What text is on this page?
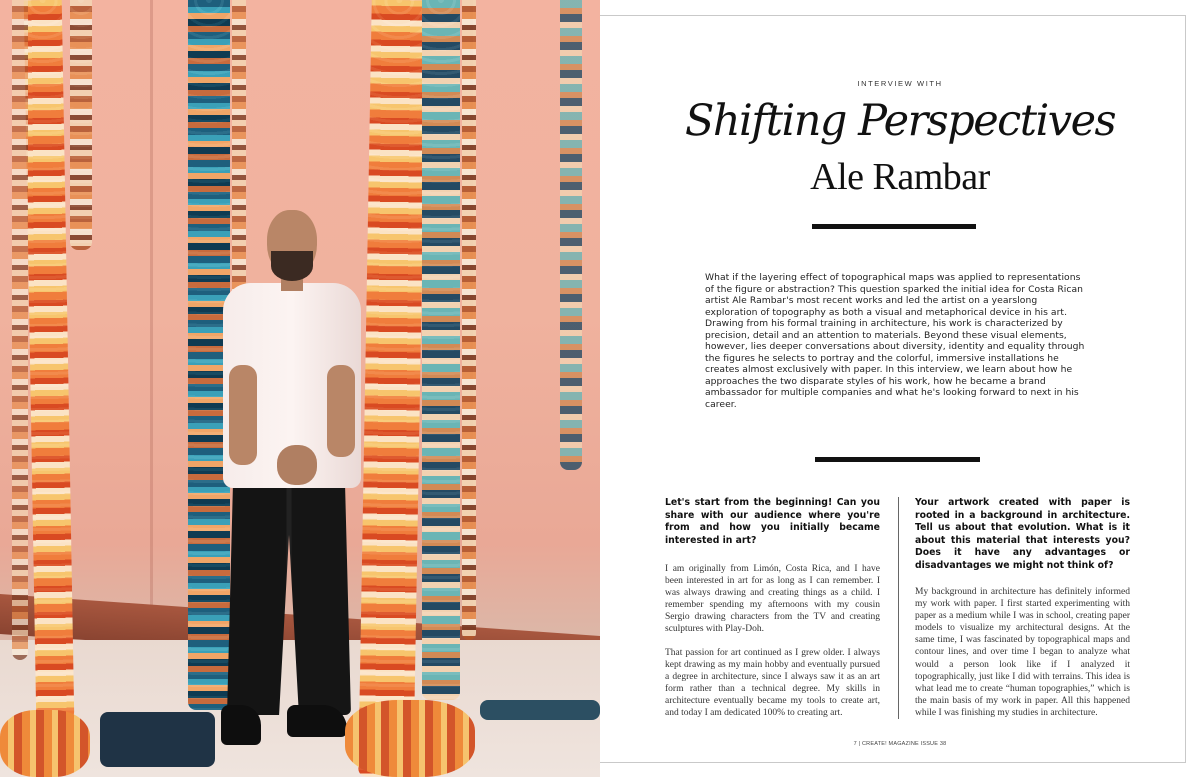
INTERVIEW WITH
Shifting Perspectives
Ale Rambar

What if the layering effect of topographical maps was applied to representations of the figure or abstraction? This question sparked the initial idea for Costa Rican artist Ale Rambar's most recent works and led the artist on a yearslong exploration of topography as both a visual and metaphorical device in his art. Drawing from his formal training in architecture, his work is characterized by precision, detail and an attention to materials. Beyond these visual elements, however, lies deeper conversations about diversity, identity and equality through the figures he selects to portray and the colorful, immersive installations he creates almost exclusively with paper. In this interview, we learn about how he approaches the two disparate styles of his work, how he became a brand ambassador for multiple companies and what he's looking forward to next in his career.

Let's start from the beginning! Can you share with our audience where you're from and how you initially became interested in art?

I am originally from Limón, Costa Rica, and I have been interested in art for as long as I can remember. I was always drawing and creating things as a child. I remember spending my afternoons with my cousin Sergio drawing characters from the TV and creating sculptures with Play-Doh.

That passion for art continued as I grew older. I always kept drawing as my main hobby and eventually pursued a degree in architecture, since I always saw it as an art form rather than a technical degree. My skills in architecture eventually became my tools to create art, and today I am dedicated 100% to creating art.

Your artwork created with paper is rooted in a background in architecture. Tell us about that evolution. What is it about this material that interests you? Does it have any advantages or disadvantages we might not think of?

My background in architecture has definitely informed my work with paper. I first started experimenting with paper as a medium while I was in school, creating paper models to visualize my architectural designs. At the same time, I was fascinated by topographical maps and contour lines, and over time I began to analyze what would a person look like if I analyzed it topographically, just like I did with terrains. This idea is what lead me to create “human topographies,” which is the main basis of my work in paper. All this happened while I was finishing my studies in architecture.

7 | CREATE! MAGAZINE ISSUE 38
